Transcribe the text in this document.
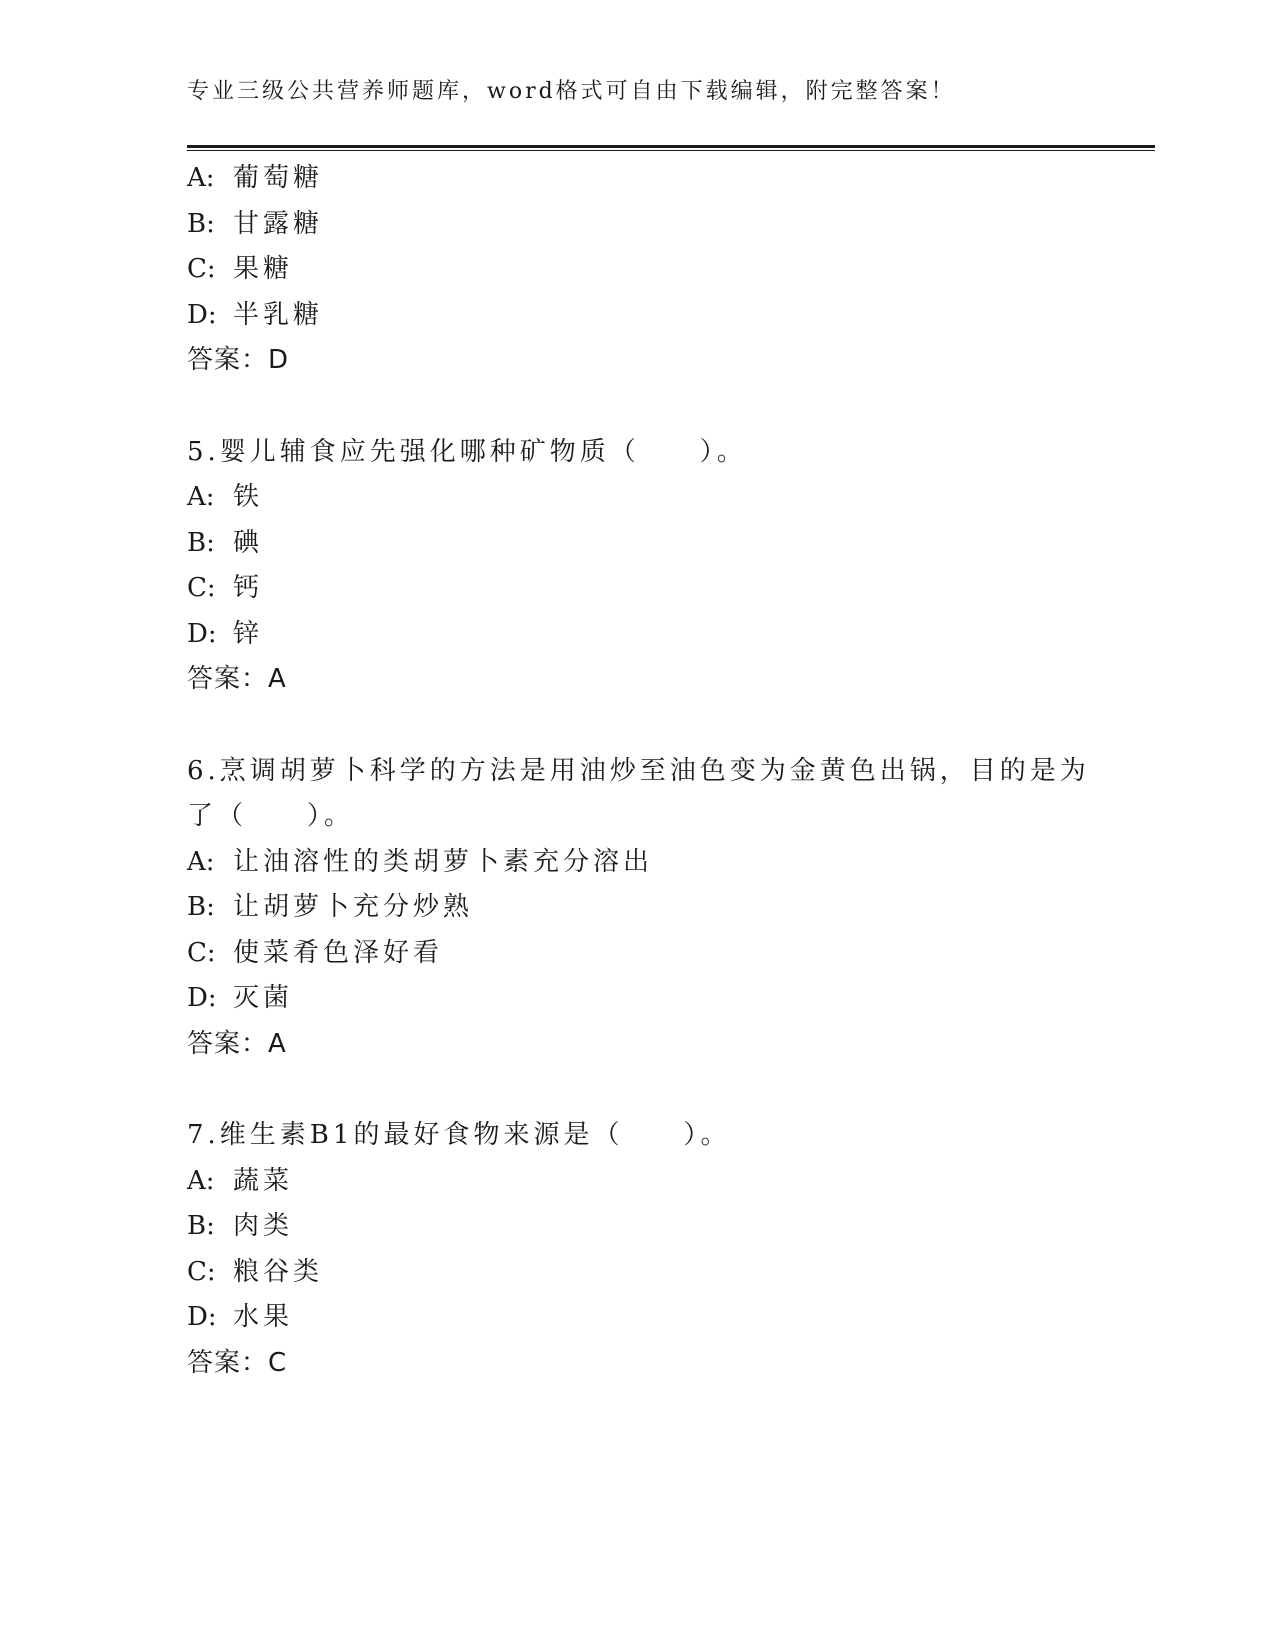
专业三级公共营养师题库，word格式可自由下载编辑，附完整答案！
A: 葡萄糖
B: 甘露糖
C: 果糖
D: 半乳糖
答案：D
5.婴儿辅食应先强化哪种矿物质（　　）。
A: 铁
B: 碘
C: 钙
D: 锌
答案：A
6.烹调胡萝卜科学的方法是用油炒至油色变为金黄色出锅，目的是为
了（　　）。
A: 让油溶性的类胡萝卜素充分溶出
B: 让胡萝卜充分炒熟
C: 使菜肴色泽好看
D: 灭菌
答案：A
7.维生素B1的最好食物来源是（　　）。
A: 蔬菜
B: 肉类
C: 粮谷类
D: 水果
答案：C
